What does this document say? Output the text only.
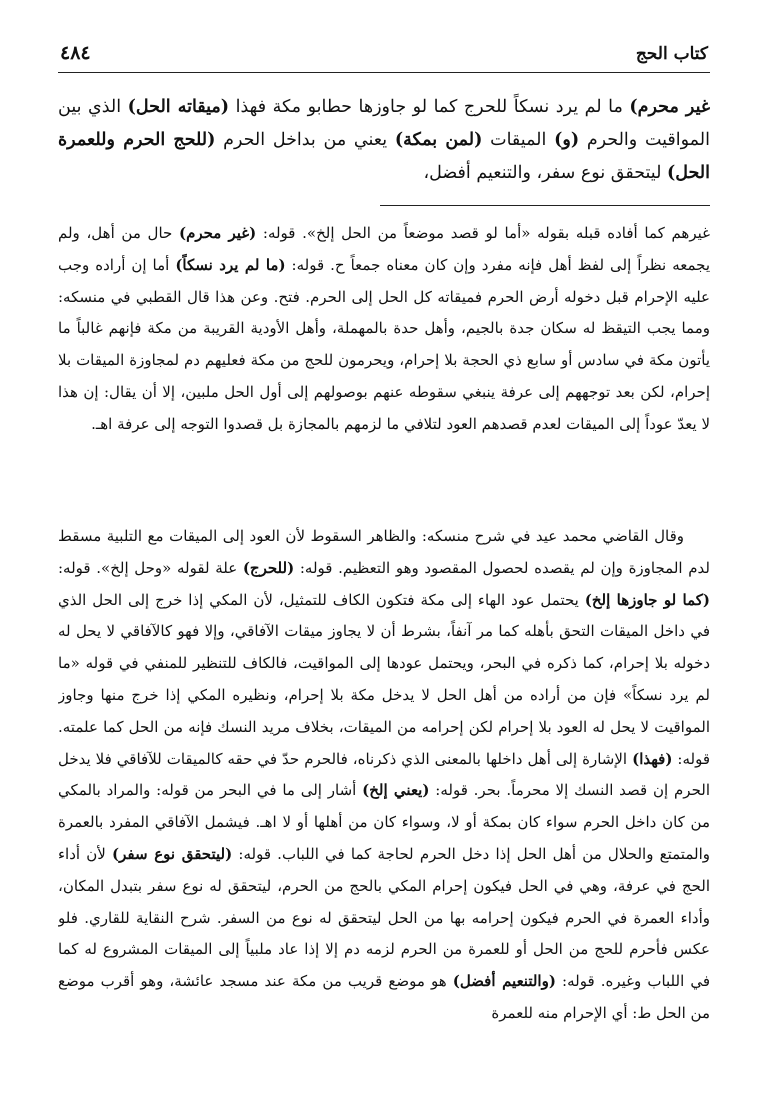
كتاب الحج
٤٨٤
غير محرم) ما لم يرد نسكاً للحرج كما لو جاوزها حطابو مكة فهذا (ميقاته الحل) الذي بين المواقيت والحرم (و) الميقات (لمن بمكة) يعني من بداخل الحرم (للحج الحرم وللعمرة الحل) ليتحقق نوع سفر، والتنعيم أفضل،

غيرهم كما أفاده قبله بقوله «أما لو قصد موضعاً من الحل إلخ». قوله: (غير محرم) حال من أهل، ولم يجمعه نظراً إلى لفظ أهل فإنه مفرد وإن كان معناه جمعاً ح. قوله: (ما لم يرد نسكاً) أما إن أراده وجب عليه الإحرام قبل دخوله أرض الحرم فميقاته كل الحل إلى الحرم. فتح. وعن هذا قال القطبي في منسكه: ومما يجب التيقظ له سكان جدة بالجيم، وأهل حدة بالمهملة، وأهل الأودية القريبة من مكة فإنهم غالباً ما يأتون مكة في سادس أو سابع ذي الحجة بلا إحرام، ويحرمون للحج من مكة فعليهم دم لمجاوزة الميقات بلا إحرام، لكن بعد توجههم إلى عرفة ينبغي سقوطه عنهم بوصولهم إلى أول الحل ملبين، إلا أن يقال: إن هذا لا يعدّ عوداً إلى الميقات لعدم قصدهم العود لتلافي ما لزمهم بالمجازة بل قصدوا التوجه إلى عرفة اهـ.

وقال القاضي محمد عيد في شرح منسكه: والظاهر السقوط لأن العود إلى الميقات مع التلبية مسقط لدم المجاوزة وإن لم يقصده لحصول المقصود وهو التعظيم. قوله: (للحرج) علة لقوله «وحل إلخ». قوله: (كما لو جاوزها إلخ) يحتمل عود الهاء إلى مكة فتكون الكاف للتمثيل، لأن المكي إذا خرج إلى الحل الذي في داخل الميقات التحق بأهله كما مر آنفاً، بشرط أن لا يجاوز ميقات الآفاقي، وإلا فهو كالآفاقي لا يحل له دخوله بلا إحرام، كما ذكره في البحر، ويحتمل عودها إلى المواقيت، فالكاف للتنظير للمنفي في قوله «ما لم يرد نسكاً» فإن من أراده من أهل الحل لا يدخل مكة بلا إحرام، ونظيره المكي إذا خرج منها وجاوز المواقيت لا يحل له العود بلا إحرام لكن إحرامه من الميقات، بخلاف مريد النسك فإنه من الحل كما علمته. قوله: (فهذا) الإشارة إلى أهل داخلها بالمعنى الذي ذكرناه، فالحرم حدّ في حقه كالميقات للآفاقي فلا يدخل الحرم إن قصد النسك إلا محرماً. بحر. قوله: (يعني إلخ) أشار إلى ما في البحر من قوله: والمراد بالمكي من كان داخل الحرم سواء كان بمكة أو لا، وسواء كان من أهلها أو لا اهـ. فيشمل الآفاقي المفرد بالعمرة والمتمتع والحلال من أهل الحل إذا دخل الحرم لحاجة كما في اللباب. قوله: (ليتحقق نوع سفر) لأن أداء الحج في عرفة، وهي في الحل فيكون إحرام المكي بالحج من الحرم، ليتحقق له نوع سفر بتبدل المكان، وأداء العمرة في الحرم فيكون إحرامه بها من الحل ليتحقق له نوع من السفر. شرح النقاية للقاري. فلو عكس فأحرم للحج من الحل أو للعمرة من الحرم لزمه دم إلا إذا عاد ملبياً إلى الميقات المشروع له كما في اللباب وغيره. قوله: (والتنعيم أفضل) هو موضع قريب من مكة عند مسجد عائشة، وهو أقرب موضع من الحل ط: أي الإحرام منه للعمرة
